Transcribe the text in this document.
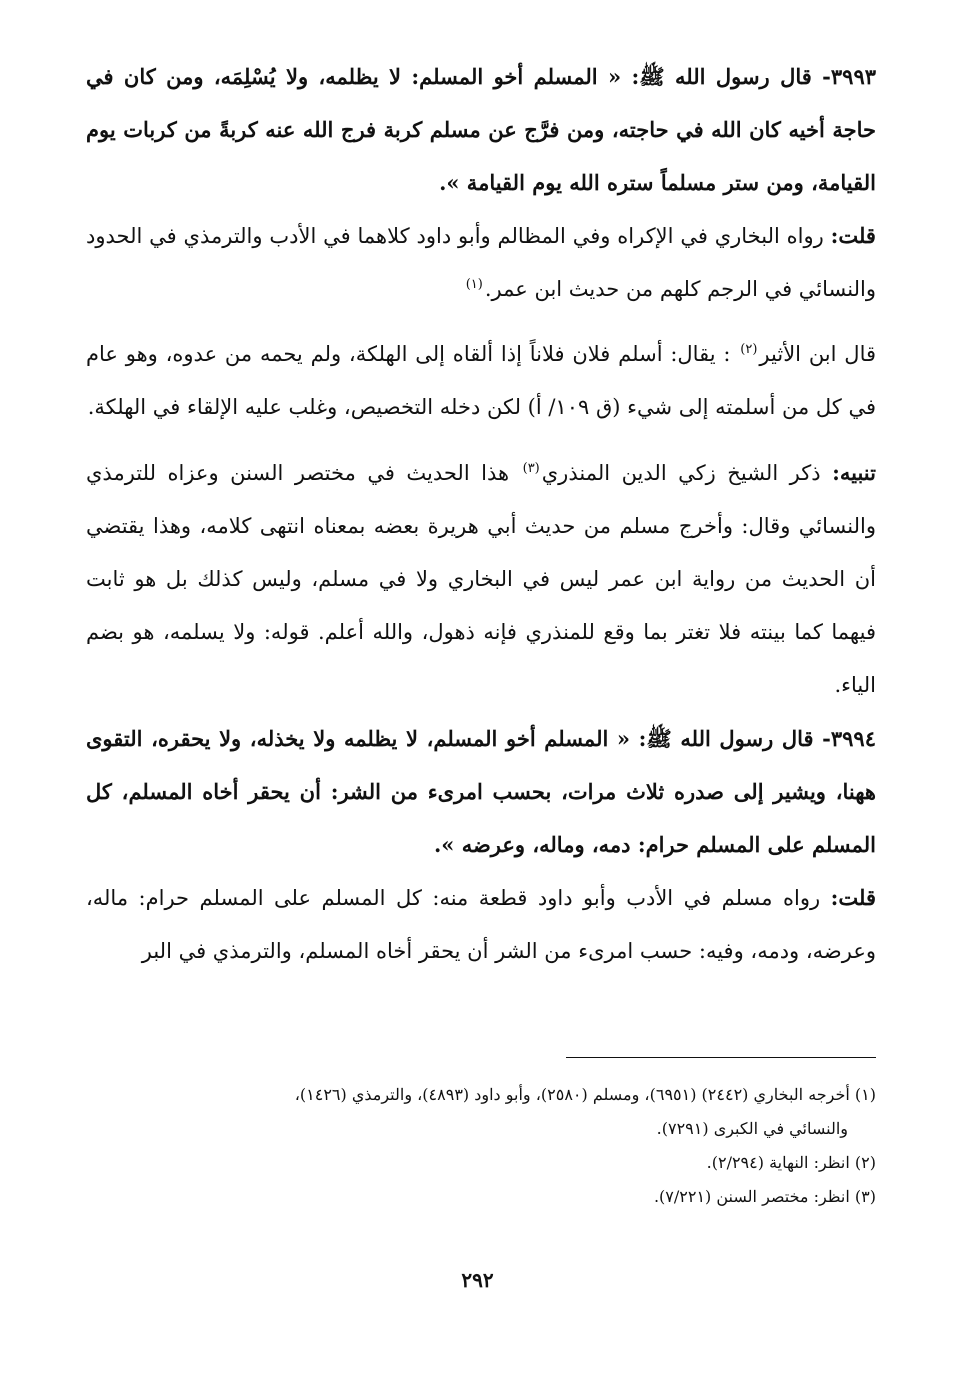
٣٩٩٣- قال رسول الله ﷺ: « المسلم أخو المسلم: لا يظلمه، ولا يُسْلِمَه، ومن كان في حاجة أخيه كان الله في حاجته، ومن فرَّج عن مسلم كربة فرج الله عنه كربةً من كربات يوم القيامة، ومن ستر مسلماً ستره الله يوم القيامة ».

قلت: رواه البخاري في الإكراه وفي المظالم وأبو داود كلاهما في الأدب والترمذي في الحدود والنسائي في الرجم كلهم من حديث ابن عمر.$^{(١)}$

قال ابن الأثير$^{(٢)}$ : يقال: أسلم فلان فلاناً إذا ألقاه إلى الهلكة، ولم يحمه من عدوه، وهو عام في كل من أسلمته إلى شيء (ق ١٠٩/ أ) لكن دخله التخصيص، وغلب عليه الإلقاء في الهلكة.

تنبيه: ذكر الشيخ زكي الدين المنذري$^{(٣)}$ هذا الحديث في مختصر السنن وعزاه للترمذي والنسائي وقال: وأخرج مسلم من حديث أبي هريرة بعضه بمعناه انتهى كلامه، وهذا يقتضي أن الحديث من رواية ابن عمر ليس في البخاري ولا في مسلم، وليس كذلك بل هو ثابت فيهما كما بينته فلا تغتر بما وقع للمنذري فإنه ذهول، والله أعلم. قوله: ولا يسلمه، هو بضم الياء.

٣٩٩٤- قال رسول الله ﷺ: « المسلم أخو المسلم، لا يظلمه ولا يخذله، ولا يحقره، التقوى ههنا، ويشير إلى صدره ثلاث مرات، بحسب امرىء من الشر: أن يحقر أخاه المسلم، كل المسلم على المسلم حرام: دمه، وماله، وعرضه ».

قلت: رواه مسلم في الأدب وأبو داود قطعة منه: كل المسلم على المسلم حرام: ماله، وعرضه، ودمه، وفيه: حسب امرىء من الشر أن يحقر أخاه المسلم، والترمذي في البر

(١) أخرجه البخاري (٢٤٤٢) (٦٩٥١)، ومسلم (٢٥٨٠)، وأبو داود (٤٨٩٣)، والترمذي (١٤٢٦)،

والنسائي في الكبرى (٧٢٩١).

(٢) انظر: النهاية (٢/٢٩٤).

(٣) انظر: مختصر السنن (٧/٢٢١).

٢٩٢
